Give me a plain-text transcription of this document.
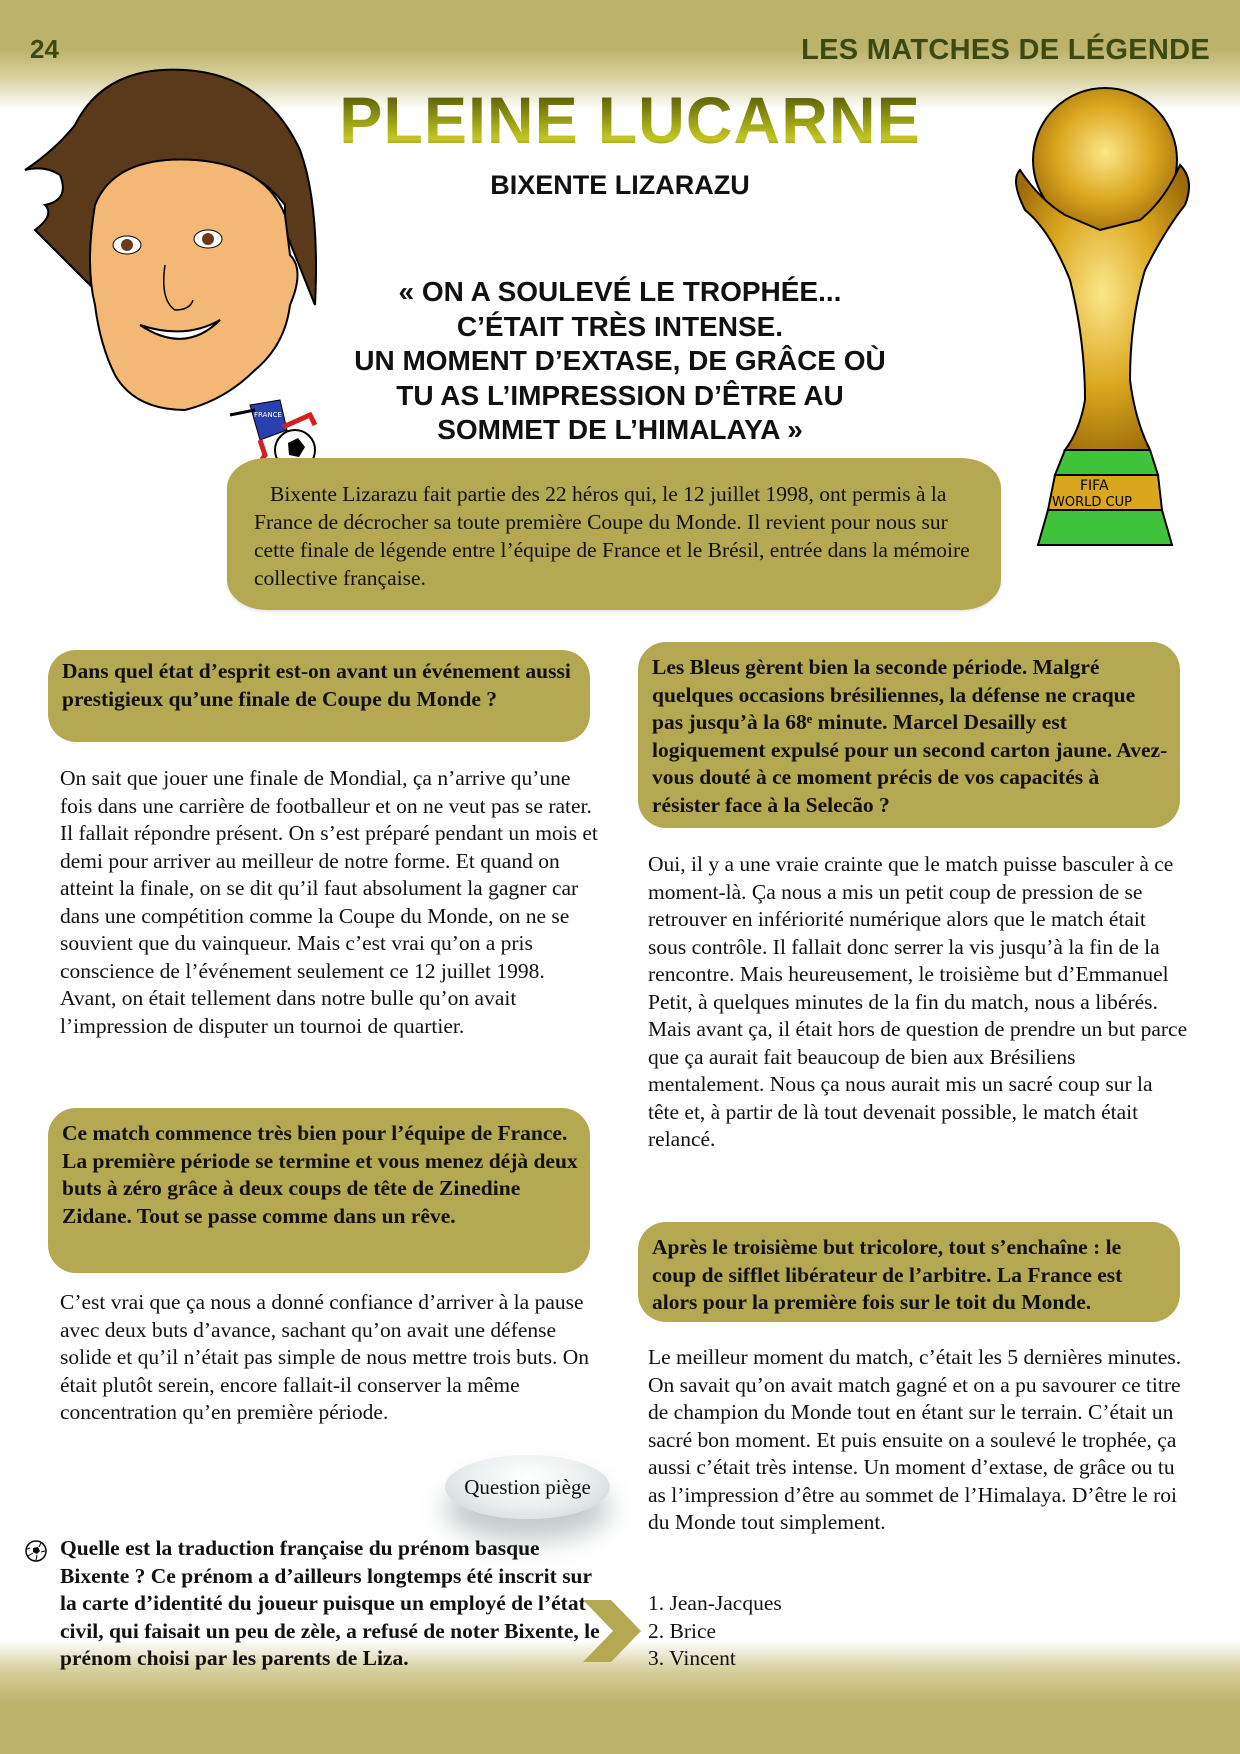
24	LES MATCHES DE LÉGENDE
FRANCE 98'
FIFA
WORLD CUP
PLEINE LUCARNE
BIXENTE LIZARAZU
« ON A SOULEVÉ LE TROPHÉE...
C’ÉTAIT TRÈS INTENSE.
UN MOMENT D’EXTASE, DE GRÂCE OÙ
TU AS L’IMPRESSION D’ÊTRE AU
SOMMET DE L’HIMALAYA »

Bixente Lizarazu fait partie des 22 héros qui, le 12 juillet 1998, ont permis à la France de décrocher sa toute première Coupe du Monde. Il revient pour nous sur cette finale de légende entre l’équipe de France et le Brésil, entrée dans la mémoire collective française.

Dans quel état d’esprit est-on avant un événement aussi prestigieux qu’une finale de Coupe du Monde ?

On sait que jouer une finale de Mondial, ça n’arrive qu’une fois dans une carrière de footballeur et on ne veut pas se rater. Il fallait répondre présent. On s’est préparé pendant un mois et demi pour arriver au meilleur de notre forme. Et quand on atteint la finale, on se dit qu’il faut absolument la gagner car dans une compétition comme la Coupe du Monde, on ne se souvient que du vainqueur. Mais c’est vrai qu’on a pris conscience de l’événement seulement ce 12 juillet 1998. Avant, on était tellement dans notre bulle qu’on avait l’impression de disputer un tournoi de quartier.

Ce match commence très bien pour l’équipe de France. La première période se termine et vous menez déjà deux buts à zéro grâce à deux coups de tête de Zinedine Zidane. Tout se passe comme dans un rêve.

C’est vrai que ça nous a donné confiance d’arriver à la pause avec deux buts d’avance, sachant qu’on avait une défense solide et qu’il n’était pas simple de nous mettre trois buts. On était plutôt serein, encore fallait-il conserver la même concentration qu’en première période.

Les Bleus gèrent bien la seconde période. Malgré quelques occasions brésiliennes, la défense ne craque pas jusqu’à la 68ᵉ minute. Marcel Desailly est logiquement expulsé pour un second carton jaune. Avez-vous douté à ce moment précis de vos capacités à résister face à la Selecão ?

Oui, il y a une vraie crainte que le match puisse basculer à ce moment-là. Ça nous a mis un petit coup de pression de se retrouver en infériorité numérique alors que le match était sous contrôle. Il fallait donc serrer la vis jusqu’à la fin de la rencontre. Mais heureusement, le troisième but d’Emmanuel Petit, à quelques minutes de la fin du match, nous a libérés. Mais avant ça, il était hors de question de prendre un but parce que ça aurait fait beaucoup de bien aux Brésiliens mentalement. Nous ça nous aurait mis un sacré coup sur la tête et, à partir de là tout devenait possible, le match était relancé.

Après le troisième but tricolore, tout s’enchaîne : le coup de sifflet libérateur de l’arbitre. La France est alors pour la première fois sur le toit du Monde.

Le meilleur moment du match, c’était les 5 dernières minutes. On savait qu’on avait match gagné et on a pu savourer ce titre de champion du Monde tout en étant sur le terrain. C’était un sacré bon moment. Et puis ensuite on a soulevé le trophée, ça aussi c’était très intense. Un moment d’extase, de grâce ou tu as l’impression d’être au sommet de l’Himalaya. D’être le roi du Monde tout simplement.

Question piège

Quelle est la traduction française du prénom basque Bixente ? Ce prénom a d’ailleurs longtemps été inscrit sur la carte d’identité du joueur puisque un employé de l’état civil, qui faisait un peu de zèle, a refusé de noter Bixente, le prénom choisi par les parents de Liza.

1. Jean-Jacques
2. Brice
3. Vincent
